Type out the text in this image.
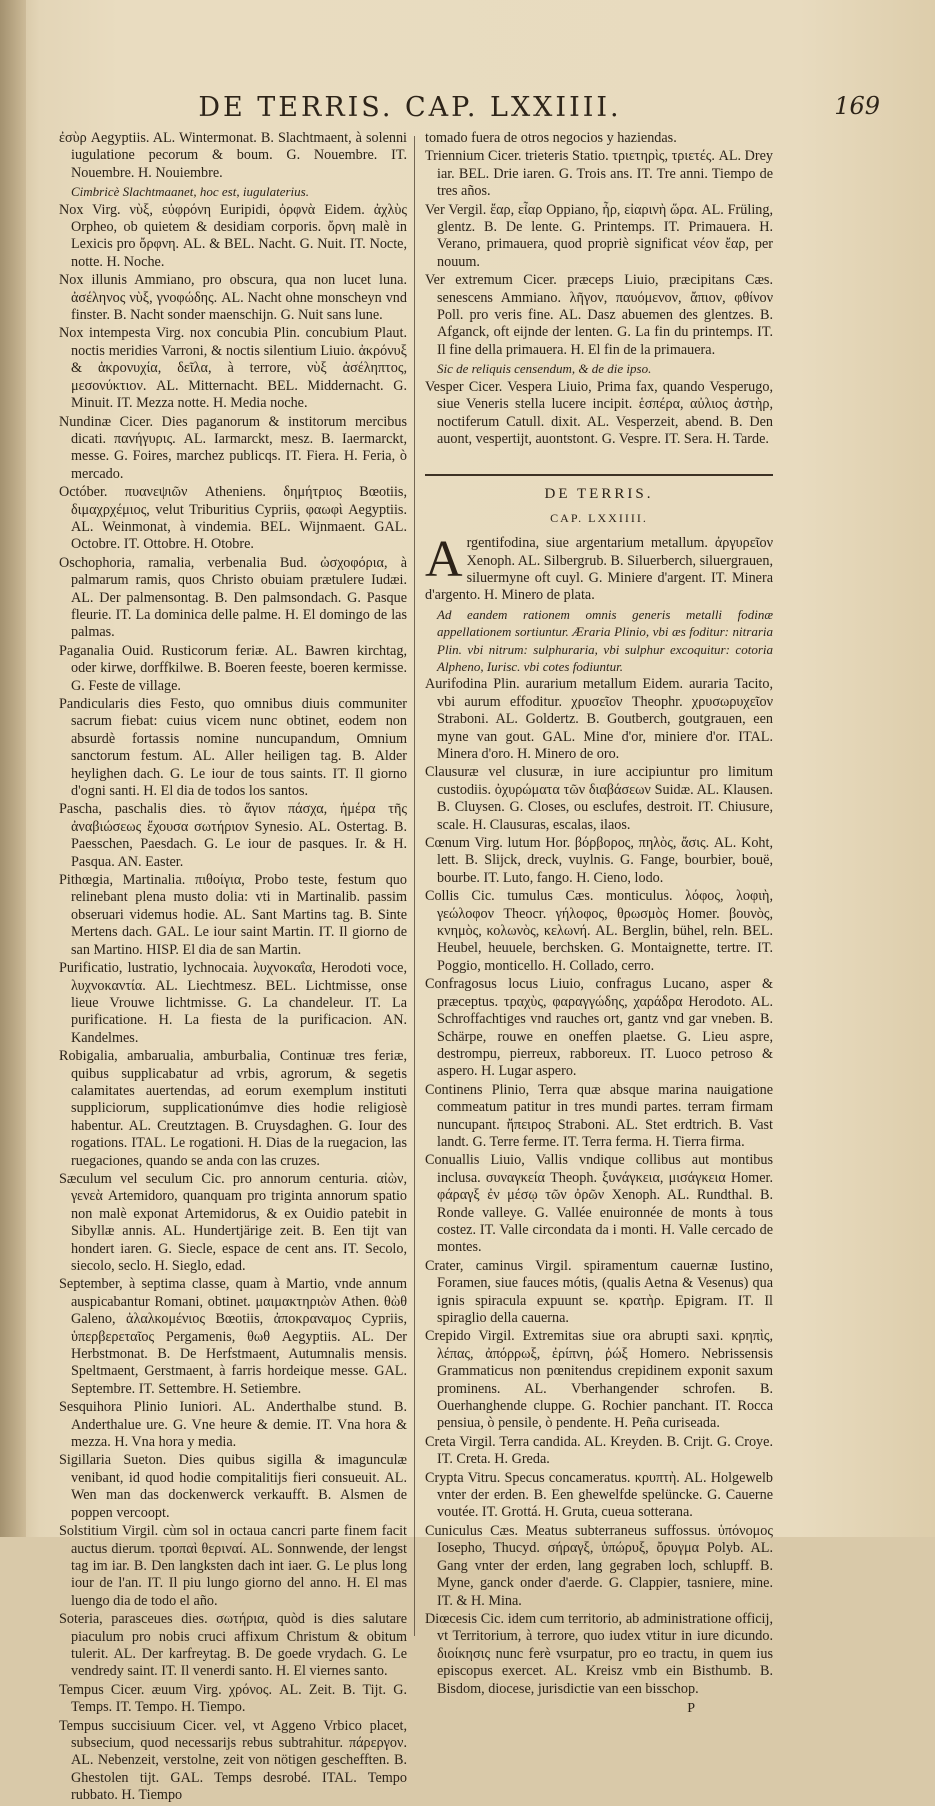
DE TERRIS. CAP. LXXIIII.	169
ἐσὺρ Aegyptiis. AL. Wintermonat. B. Slachtmaent, à solenni iugulatione pecorum & boum. G. Nouembre. IT. Nouembre. H. Nouiembre.
Cimbricè Slachtmaanet, hoc est, iugulaterius.
Nox Virg. νὺξ, εὐφρόνη Euripidi, ὀρφνὰ Eidem. ἀχλὺς Orpheo, ob quietem & desidiam corporis. ὄρνη malè in Lexicis pro ὄρφνη. AL. & BEL. Nacht. G. Nuit. IT. Nocte, notte. H. Noche.
Nox illunis Ammiano, pro obscura, qua non lucet luna. ἀσέληνος νὺξ, γνοφώδης. AL. Nacht ohne monscheyn vnd finster. B. Nacht sonder maenschijn. G. Nuit sans lune.
Nox intempesta Virg. nox concubia Plin. concubium Plaut. noctis meridies Varroni, & noctis silentium Liuio. ἀκρόνυξ & ἀκρονυχία, δεῖλα, à terrore, νὺξ ἀσέληπτος, μεσονύκτιον. AL. Mitternacht. BEL. Middernacht. G. Minuit. IT. Mezza notte. H. Media noche.
Nundinæ Cicer. Dies paganorum & institorum mercibus dicati. πανήγυρις. AL. Iarmarckt, mesz. B. Iaermarckt, messe. G. Foires, marchez publicqs. IT. Fiera. H. Feria, ò mercado.
Octóber. πυανεψιῶν Atheniens. δημήτριος Bœotiis, διμαχρχέμιος, velut Triburitius Cypriis, φαωφὶ Aegyptiis. AL. Weinmonat, à vindemia. BEL. Wijnmaent. GAL. Octobre. IT. Ottobre. H. Otobre.
Oschophoria, ramalia, verbenalia Bud. ὠσχοφόρια, à palmarum ramis, quos Christo obuiam prætulere Iudæi. AL. Der palmensontag. B. Den palmsondach. G. Pasque fleurie. IT. La dominica delle palme. H. El domingo de las palmas.
Paganalia Ouid. Rusticorum feriæ. AL. Bawren kirchtag, oder kirwe, dorffkilwe. B. Boeren feeste, boeren kermisse. G. Feste de village.
Pandicularis dies Festo, quo omnibus diuis communiter sacrum fiebat: cuius vicem nunc obtinet, eodem non absurdè fortassis nomine nuncupandum, Omnium sanctorum festum. AL. Aller heiligen tag. B. Alder heylighen dach. G. Le iour de tous saints. IT. Il giorno d'ogni santi. H. El dia de todos los santos.
Pascha, paschalis dies. τὸ ἅγιον πάσχα, ἡμέρα τῆς ἀναβιώσεως ἔχουσα σωτήριον Synesio. AL. Ostertag. B. Paesschen, Paesdach. G. Le iour de pasques. Ir. & H. Pasqua. AN. Easter.
Pithœgia, Martinalia. πιθοίγια, Probo teste, festum quo relinebant plena musto dolia: vti in Martinalib. passim obseruari videmus hodie. AL. Sant Martins tag. B. Sinte Mertens dach. GAL. Le iour saint Martin. IT. Il giorno de san Martino. HISP. El dia de san Martin.
Purificatio, lustratio, lychnocaia. λυχνοκαΐα, Herodoti voce, λυχνοκαντία. AL. Liechtmesz. BEL. Lichtmisse, onse lieue Vrouwe lichtmisse. G. La chandeleur. IT. La purificatione. H. La fiesta de la purificacion. AN. Kandelmes.
Robigalia, ambarualia, amburbalia, Continuæ tres feriæ, quibus supplicabatur ad vrbis, agrorum, & segetis calamitates auertendas, ad eorum exemplum instituti suppliciorum, supplicationúmve dies hodie religiosè habentur. AL. Creutztagen. B. Cruysdaghen. G. Iour des rogations. ITAL. Le rogationi. H. Dias de la ruegacion, las ruegaciones, quando se anda con las cruzes.
Sæculum vel seculum Cic. pro annorum centuria. αἰὼν, γενεὰ Artemidoro, quanquam pro triginta annorum spatio non malè exponat Artemidorus, & ex Ouidio patebit in Sibyllæ annis. AL. Hundertjärige zeit. B. Een tijt van hondert iaren. G. Siecle, espace de cent ans. IT. Secolo, siecolo, seclo. H. Sieglo, edad.
September, à septima classe, quam à Martio, vnde annum auspicabantur Romani, obtinet. μαιμακτηριὼν Athen. θὼθ Galeno, ἀλαλκομένιος Bœotiis, ἀποκραναμος Cypriis, ὑπερβερεταῖος Pergamenis, θωθ Aegyptiis. AL. Der Herbstmonat. B. De Herfstmaent, Autumnalis mensis. Speltmaent, Gerstmaent, à farris hordeique messe. GAL. Septembre. IT. Settembre. H. Setiembre.
Sesquihora Plinio Iuniori. AL. Anderthalbe stund. B. Anderthalue ure. G. Vne heure & demie. IT. Vna hora & mezza. H. Vna hora y media.
Sigillaria Sueton. Dies quibus sigilla & imagunculæ venibant, id quod hodie compitalitijs fieri consueuit. AL. Wen man das dockenwerck verkaufft. B. Alsmen de poppen vercoopt.
Solstitium Virgil. cùm sol in octaua cancri parte finem facit auctus dierum. τροπαὶ θεριναί. AL. Sonnwende, der lengst tag im iar. B. Den langksten dach int iaer. G. Le plus long iour de l'an. IT. Il piu lungo giorno del anno. H. El mas luengo dia de todo el año.
Soteria, parasceues dies. σωτήρια, quòd is dies salutare piaculum pro nobis cruci affixum Christum & obitum tulerit. AL. Der karfreytag. B. De goede vrydach. G. Le vendredy saint. IT. Il venerdi santo. H. El viernes santo.
Tempus Cicer. æuum Virg. χρόνος. AL. Zeit. B. Tijt. G. Temps. IT. Tempo. H. Tiempo.
Tempus succisiuum Cicer. vel, vt Aggeno Vrbico placet, subsecium, quod necessarijs rebus subtrahitur. πάρεργον. AL. Nebenzeit, verstolne, zeit von nötigen geschefften. B. Ghestolen tijt. GAL. Temps desrobé. ITAL. Tempo rubbato. H. Tiempo
tomado fuera de otros negocios y haziendas.
Triennium Cicer. trieteris Statio. τριετηρὶς, τριετές. AL. Drey iar. BEL. Drie iaren. G. Trois ans. IT. Tre anni. Tiempo de tres años.
Ver Vergil. ἔαρ, εἶαρ Oppiano, ἦρ, εἰαρινὴ ὥρα. AL. Früling, glentz. B. De lente. G. Printemps. IT. Primauera. H. Verano, primauera, quod propriè significat νέον ἔαρ, per nouum.
Ver extremum Cicer. præceps Liuio, præcipitans Cæs. senescens Ammiano. λῆγον, παυόμενον, ἄπιον, φθίνον Poll. pro veris fine. AL. Dasz abuemen des glentzes. B. Afganck, oft eijnde der lenten. G. La fin du printemps. IT. Il fine della primauera. H. El fin de la primauera.
Sic de reliquis censendum, & de die ipso.
Vesper Cicer. Vespera Liuio, Prima fax, quando Vesperugo, siue Veneris stella lucere incipit. ἑσπέρα, αὐλιος ἀστὴρ, noctiferum Catull. dixit. AL. Vesperzeit, abend. B. Den auont, vespertijt, auontstont. G. Vespre. IT. Sera. H. Tarde.
DE TERRIS.
CAP. LXXIIII.
Argentifodina, siue argentarium metallum. ἀργυρεῖον Xenoph. AL. Silbergrub. B. Siluerberch, siluergrauen, siluermyne oft cuyl. G. Miniere d'argent. IT. Minera d'argento. H. Minero de plata.
Ad eandem rationem omnis generis metalli fodinæ appellationem sortiuntur. Æraria Plinio, vbi æs foditur: nitraria Plin. vbi nitrum: sulphuraria, vbi sulphur excoquitur: cotoria Alpheno, Iurisc. vbi cotes fodiuntur.
Aurifodina Plin. aurarium metallum Eidem. auraria Tacito, vbi aurum effoditur. χρυσεῖον Theophr. χρυσωρυχεῖον Straboni. AL. Goldertz. B. Goutberch, goutgrauen, een myne van gout. GAL. Mine d'or, miniere d'or. ITAL. Minera d'oro. H. Minero de oro.
Clausuræ vel clusuræ, in iure accipiuntur pro limitum custodiis. ὀχυρώματα τῶν διαβάσεων Suidæ. AL. Klausen. B. Cluysen. G. Closes, ou esclufes, destroit. IT. Chiusure, scale. H. Clausuras, escalas, ilaos.
Cœnum Virg. lutum Hor. βόρβορος, πηλὸς, ἄσις. AL. Koht, lett. B. Slijck, dreck, vuylnis. G. Fange, bourbier, bouë, bourbe. IT. Luto, fango. H. Cieno, lodo.
Collis Cic. tumulus Cæs. monticulus. λόφος, λοφιὴ, γεώλοφον Theocr. γήλοφος, θρωσμὸς Homer. βουνὸς, κνημὸς, κολωνὸς, κελωνή. AL. Berglin, bühel, reln. BEL. Heubel, heuuele, berchsken. G. Montaignette, tertre. IT. Poggio, monticello. H. Collado, cerro.
Confragosus locus Liuio, confragus Lucano, asper & præceptus. τραχὺς, φαραγγώδης, χαράδρα Herodoto. AL. Schroffachtiges vnd rauches ort, gantz vnd gar vneben. B. Schärpe, rouwe en oneffen plaetse. G. Lieu aspre, destrompu, pierreux, rabboreux. IT. Luoco petroso & aspero. H. Lugar aspero.
Continens Plinio, Terra quæ absque marina nauigatione commeatum patitur in tres mundi partes. terram firmam nuncupant. ἤπειρος Straboni. AL. Stet erdtrich. B. Vast landt. G. Terre ferme. IT. Terra ferma. H. Tierra firma.
Conuallis Liuio, Vallis vndique collibus aut montibus inclusa. συναγκεία Theoph. ξυνάγκεια, μισάγκεια Homer. φάραγξ ἐν μέσῳ τῶν ὀρῶν Xenoph. AL. Rundthal. B. Ronde valleye. G. Vallée enuironnée de monts à tous costez. IT. Valle circondata da i monti. H. Valle cercado de montes.
Crater, caminus Virgil. spiramentum cauernæ Iustino, Foramen, siue fauces mótis, (qualis Aetna & Vesenus) qua ignis spiracula expuunt se. κρατὴρ. Epigram. IT. Il spiraglio della cauerna.
Crepido Virgil. Extremitas siue ora abrupti saxi. κρηπὶς, λέπας, ἀπόρρωξ, ἐρίπνη, ῥώξ Homero. Nebrissensis Grammaticus non pœnitendus crepidinem exponit saxum prominens. AL. Vberhangender schrofen. B. Ouerhanghende cluppe. G. Rochier panchant. IT. Rocca pensiua, ò pensile, ò pendente. H. Peña curiseada.
Creta Virgil. Terra candida. AL. Kreyden. B. Crijt. G. Croye. IT. Creta. H. Greda.
Crypta Vitru. Specus concameratus. κρυπτὴ. AL. Holgewelb vnter der erden. B. Een ghewelfde spelüncke. G. Cauerne voutée. IT. Grottá. H. Gruta, cueua sotterana.
Cuniculus Cæs. Meatus subterraneus suffossus. ὑπόνομος Iosepho, Thucyd. σήραγξ, ὑπώρυξ, ὄρυγμα Polyb. AL. Gang vnter der erden, lang gegraben loch, schlupff. B. Myne, ganck onder d'aerde. G. Clappier, tasniere, mine. IT. & H. Mina.
Diœcesis Cic. idem cum territorio, ab administratione officij, vt Territorium, à terrore, quo iudex vtitur in iure dicundo. διοίκησις nunc ferè vsurpatur, pro eo tractu, in quem ius episcopus exercet. AL. Kreisz vmb ein Bisthumb. B. Bisdom, diocese, jurisdictie van een bisschop.
P
